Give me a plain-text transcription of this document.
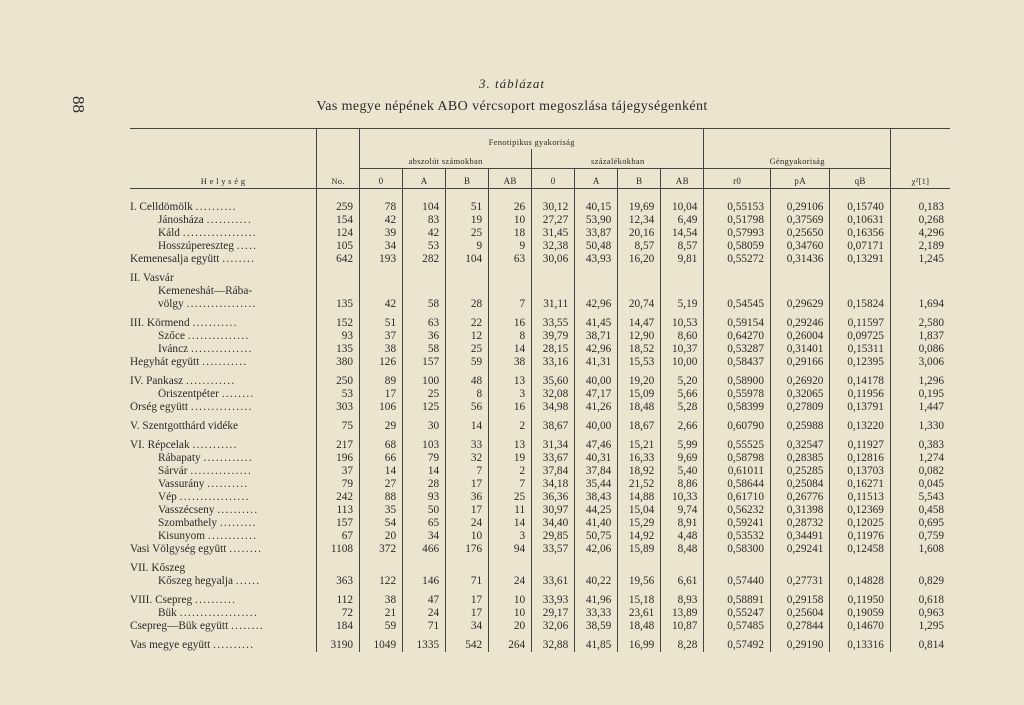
88
3. táblázat
Vas megye népének ABO vércsoport megoszlása tájegységenként
H e l y s é g	No.	Fenotipikus gyakoriság								Géngyakoriság			χ²[1]
		abszolút számokban				százalékokban							
		0	A	B	AB	0	A	B	AB	r0	pA	qB	
I. Celldömölk ..........	259	78	104	51	26	30,12	40,15	19,69	10,04	0,55153	0,29106	0,15740	0,183
Jánosháza ...........	154	42	83	19	10	27,27	53,90	12,34	6,49	0,51798	0,37569	0,10631	0,268
Káld ..................	124	39	42	25	18	31,45	33,87	20,16	14,54	0,57993	0,25650	0,16356	4,296
Hosszúpereszteg .....	105	34	53	9	9	32,38	50,48	8,57	8,57	0,58059	0,34760	0,07171	2,189
Kemenesalja együtt ........	642	193	282	104	63	30,06	43,93	16,20	9,81	0,55272	0,31436	0,13291	1,245
II. Vasvár													
Kemeneshát—Rába-													
völgy .................	135	42	58	28	7	31,11	42,96	20,74	5,19	0,54545	0,29629	0,15824	1,694
III. Körmend ...........	152	51	63	22	16	33,55	41,45	14,47	10,53	0,59154	0,29246	0,11597	2,580
Szőce ...............	93	37	36	12	8	39,79	38,71	12,90	8,60	0,64270	0,26004	0,09725	1,837
Iváncz ...............	135	38	58	25	14	28,15	42,96	18,52	10,37	0,53287	0,31401	0,15311	0,086
Hegyhát együtt ...........	380	126	157	59	38	33,16	41,31	15,53	10,00	0,58437	0,29166	0,12395	3,006
IV. Pankasz ............	250	89	100	48	13	35,60	40,00	19,20	5,20	0,58900	0,26920	0,14178	1,296
Őriszentpéter ........	53	17	25	8	3	32,08	47,17	15,09	5,66	0,55978	0,32065	0,11956	0,195
Őrség együtt ...............	303	106	125	56	16	34,98	41,26	18,48	5,28	0,58399	0,27809	0,13791	1,447
V. Szentgotthárd vidéke	75	29	30	14	2	38,67	40,00	18,67	2,66	0,60790	0,25988	0,13220	1,330
VI. Répcelak ...........	217	68	103	33	13	31,34	47,46	15,21	5,99	0,55525	0,32547	0,11927	0,383
Rábapaty ............	196	66	79	32	19	33,67	40,31	16,33	9,69	0,58798	0,28385	0,12816	1,274
Sárvár ...............	37	14	14	7	2	37,84	37,84	18,92	5,40	0,61011	0,25285	0,13703	0,082
Vassurány ..........	79	27	28	17	7	34,18	35,44	21,52	8,86	0,58644	0,25084	0,16271	0,045
Vép .................	242	88	93	36	25	36,36	38,43	14,88	10,33	0,61710	0,26776	0,11513	5,543
Vasszécseny ..........	113	35	50	17	11	30,97	44,25	15,04	9,74	0,56232	0,31398	0,12369	0,458
Szombathely .........	157	54	65	24	14	34,40	41,40	15,29	8,91	0,59241	0,28732	0,12025	0,695
Kisunyom ............	67	20	34	10	3	29,85	50,75	14,92	4,48	0,53532	0,34491	0,11976	0,759
Vasi Völgység együtt ........	1108	372	466	176	94	33,57	42,06	15,89	8,48	0,58300	0,29241	0,12458	1,608
VII. Kőszeg													
Kőszeg hegyalja ......	363	122	146	71	24	33,61	40,22	19,56	6,61	0,57440	0,27731	0,14828	0,829
VIII. Csepreg ..........	112	38	47	17	10	33,93	41,96	15,18	8,93	0,58891	0,29158	0,11950	0,618
Bük ...................	72	21	24	17	10	29,17	33,33	23,61	13,89	0,55247	0,25604	0,19059	0,963
Csepreg—Bük együtt ........	184	59	71	34	20	32,06	38,59	18,48	10,87	0,57485	0,27844	0,14670	1,295
Vas megye együtt ..........	3190	1049	1335	542	264	32,88	41,85	16,99	8,28	0,57492	0,29190	0,13316	0,814
